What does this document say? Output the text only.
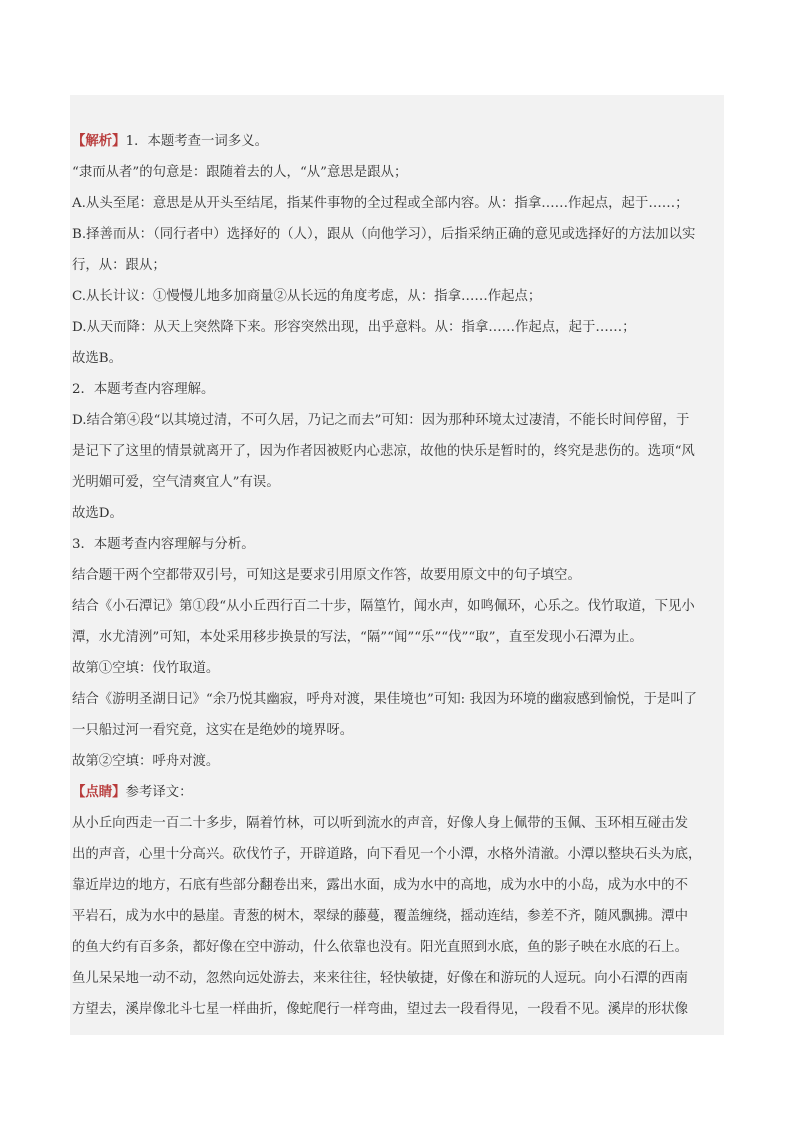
【解析】1．本题考查一词多义。
“隶而从者”的句意是：跟随着去的人，“从”意思是跟从；
A.从头至尾：意思是从开头至结尾，指某件事物的全过程或全部内容。从：指拿……作起点，起于……；
B.择善而从：（同行者中）选择好的（人），跟从（向他学习），后指采纳正确的意见或选择好的方法加以实
行，从：跟从；
C.从长计议：①慢慢儿地多加商量②从长远的角度考虑，从：指拿……作起点；
D.从天而降：从天上突然降下来。形容突然出现，出乎意料。从：指拿……作起点，起于……；
故选B。
2．本题考查内容理解。
D.结合第④段“以其境过清，不可久居，乃记之而去”可知：因为那种环境太过凄清，不能长时间停留，于
是记下了这里的情景就离开了，因为作者因被贬内心悲凉，故他的快乐是暂时的，终究是悲伤的。选项“风
光明媚可爱，空气清爽宜人”有误。
故选D。
3．本题考查内容理解与分析。
结合题干两个空都带双引号，可知这是要求引用原文作答，故要用原文中的句子填空。
结合《小石潭记》第①段“从小丘西行百二十步，隔篁竹，闻水声，如鸣佩环，心乐之。伐竹取道，下见小
潭，水尤清洌”可知，本处采用移步换景的写法，“隔”“闻”“乐”“伐”“取”，直至发现小石潭为止。
故第①空填：伐竹取道。
结合《游明圣湖日记》“余乃悦其幽寂，呼舟对渡，果佳境也”可知: 我因为环境的幽寂感到愉悦，于是叫了
一只船过河一看究竟，这实在是绝妙的境界呀。
故第②空填：呼舟对渡。
【点睛】参考译文：
从小丘向西走一百二十多步，隔着竹林，可以听到流水的声音，好像人身上佩带的玉佩、玉环相互碰击发
出的声音，心里十分高兴。砍伐竹子，开辟道路，向下看见一个小潭，水格外清澈。小潭以整块石头为底，
靠近岸边的地方，石底有些部分翻卷出来，露出水面，成为水中的高地，成为水中的小岛，成为水中的不
平岩石，成为水中的悬崖。青葱的树木，翠绿的藤蔓，覆盖缠绕，摇动连结，参差不齐，随风飘拂。潭中
的鱼大约有百多条，都好像在空中游动，什么依靠也没有。阳光直照到水底，鱼的影子映在水底的石上。
鱼儿呆呆地一动不动，忽然向远处游去，来来往往，轻快敏捷，好像在和游玩的人逗玩。向小石潭的西南
方望去，溪岸像北斗七星一样曲折，像蛇爬行一样弯曲，望过去一段看得见，一段看不见。溪岸的形状像
